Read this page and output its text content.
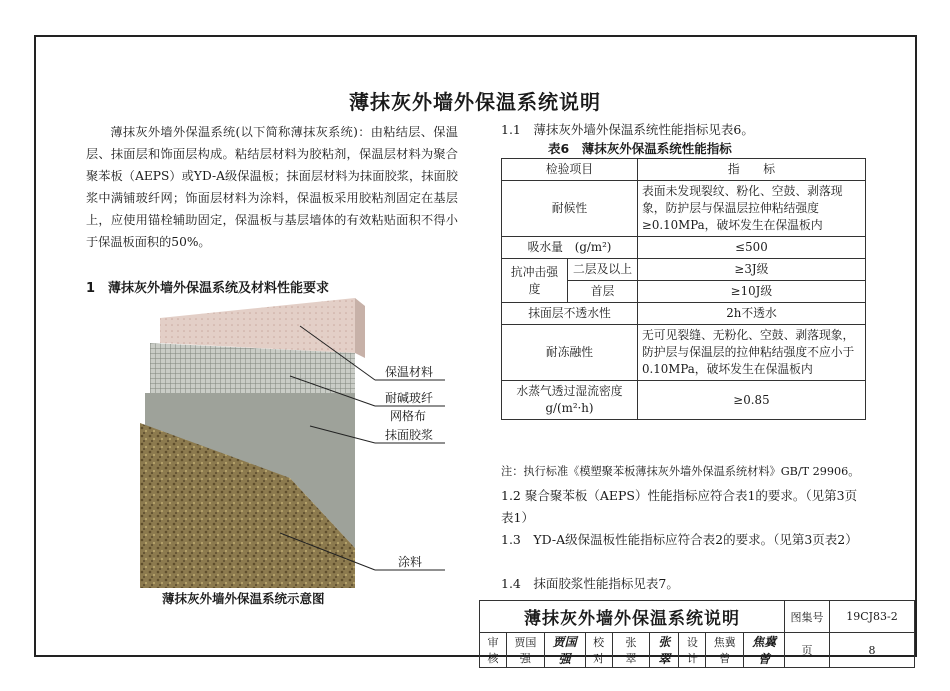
薄抹灰外墙外保温系统说明

薄抹灰外墙外保温系统(以下简称薄抹灰系统)：由粘结层、保温层、抹面层和饰面层构成。粘结层材料为胶粘剂，保温层材料为聚合聚苯板（AEPS）或YD-A级保温板；抹面层材料为抹面胶浆，抹面胶浆中满铺玻纤网；饰面层材料为涂料，保温板采用胶粘剂固定在基层上，应使用锚栓辅助固定，保温板与基层墙体的有效粘贴面积不得小于保温板面积的50%。

1　薄抹灰外墙外保温系统及材料性能要求
保温材料
耐碱玻纤
网格布
抹面胶浆
涂料
薄抹灰外墙外保温系统示意图
1.1　薄抹灰外墙外保温系统性能指标见表6。
表6　薄抹灰外保温系统性能指标
检验项目		指　　标
耐候性		表面未发现裂纹、粉化、空鼓、剥落现象，防护层与保温层拉伸粘结强度≥0.10MPa，破坏发生在保温板内
吸水量　(g/m²)		≤500
抗冲击强度	二层及以上	≥3J级
	首层	≥10J级
抹面层不透水性		2h不透水
耐冻融性		无可见裂缝、无粉化、空鼓、剥落现象，防护层与保温层的拉伸粘结强度不应小于0.10MPa，破坏发生在保温板内
水蒸气透过湿流密度
g/(m²·h)		≥0.85
注：执行标准《模塑聚苯板薄抹灰外墙外保温系统材料》GB/T 29906。

1.2 聚合聚苯板（AEPS）性能指标应符合表1的要求。（见第3页表1）

1.3　YD-A级保温板性能指标应符合表2的要求。（见第3页表2）

1.4　抹面胶浆性能指标见表7。

薄抹灰外墙外保温系统说明									图集号	19CJ83-2
审核	贾国强	贾国强	校对	张　翠	张翠	设计	焦冀曾	焦冀曾	页	8
